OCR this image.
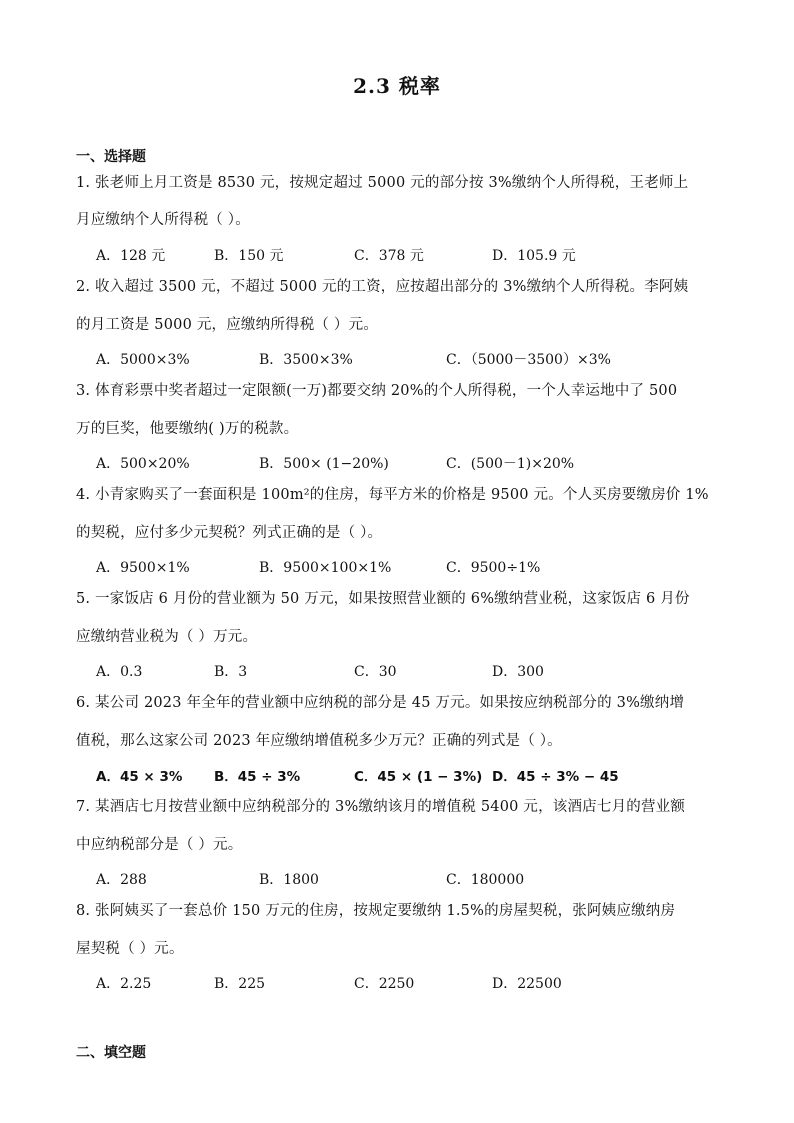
2.3 税率
一、选择题
1. 张老师上月工资是 8530 元，按规定超过 5000 元的部分按 3%缴纳个人所得税，王老师上
月应缴纳个人所得税（ ）。
A．128 元	B．150 元	C．378 元	D．105.9 元
2. 收入超过 3500 元，不超过 5000 元的工资，应按超出部分的 3%缴纳个人所得税。李阿姨
的月工资是 5000 元，应缴纳所得税（ ）元。
A．5000×3%	B．3500×3%	C．（5000－3500）×3%
3. 体育彩票中奖者超过一定限额(一万)都要交纳 20%的个人所得税，一个人幸运地中了 500
万的巨奖，他要缴纳( )万的税款。
A．500×20%	B．500× (1−20%)	C．(500－1)×20%
4. 小青家购买了一套面积是 100m²的住房，每平方米的价格是 9500 元。个人买房要缴房价 1%
的契税，应付多少元契税？列式正确的是（ ）。
A．9500×1%	B．9500×100×1%	C．9500÷1%
5. 一家饭店 6 月份的营业额为 50 万元，如果按照营业额的 6%缴纳营业税，这家饭店 6 月份
应缴纳营业税为（ ）万元。
A．0.3	B．3	C．30	D．300
6. 某公司 2023 年全年的营业额中应纳税的部分是 45 万元。如果按应纳税部分的 3%缴纳增
值税，那么这家公司 2023 年应缴纳增值税多少万元？正确的列式是（ ）。
A．45 × 3% B．45 ÷ 3%	C．45 × (1 − 3%) D．45 ÷ 3% − 45
7. 某酒店七月按营业额中应纳税部分的 3%缴纳该月的增值税 5400 元，该酒店七月的营业额
中应纳税部分是（ ）元。
A．288	B．1800	C．180000
8. 张阿姨买了一套总价 150 万元的住房，按规定要缴纳 1.5%的房屋契税，张阿姨应缴纳房
屋契税（ ）元。
A．2.25	B．225	C．2250	D．22500
二、填空题
